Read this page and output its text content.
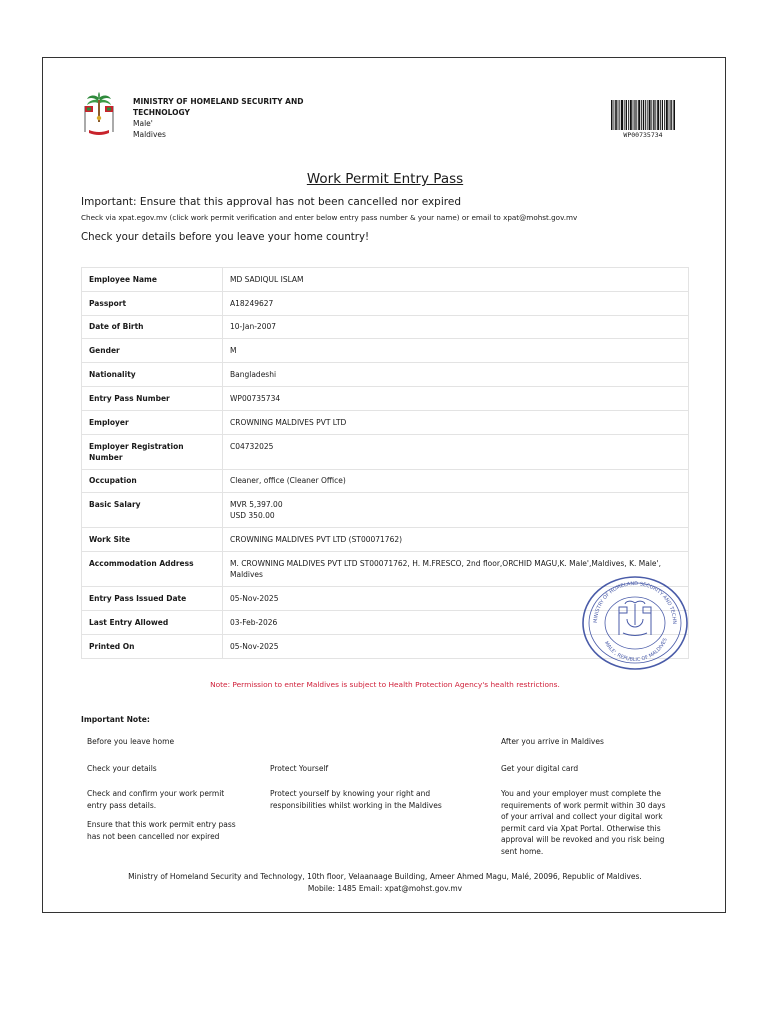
MINISTRY OF HOMELAND SECURITY AND
TECHNOLOGY
Male'
Maldives	WP00735734
Work Permit Entry Pass
Important: Ensure that this approval has not been cancelled nor expired
Check via xpat.egov.mv (click work permit verification and enter below entry pass number & your name) or email to xpat@mohst.gov.mv
Check your details before you leave your home country!
Employee Name	MD SADIQUL ISLAM
Passport	A18249627
Date of Birth	10-Jan-2007
Gender	M
Nationality	Bangladeshi
Entry Pass Number	WP00735734
Employer	CROWNING MALDIVES PVT LTD
Employer Registration Number	C04732025
Occupation	Cleaner, office (Cleaner Office)
Basic Salary	MVR 5,397.00
USD 350.00

Work Site	CROWNING MALDIVES PVT LTD (ST00071762)
Accommodation Address	M. CROWNING MALDIVES PVT LTD ST00071762, H. M.FRESCO, 2nd floor,ORCHID MAGU,K. Male',Maldives, K. Male',
Maldives

Entry Pass Issued Date	05-Nov-2025
Last Entry Allowed	03-Feb-2026
Printed On	05-Nov-2025
MINISTRY OF HOMELAND SECURITY AND TECHN
MALE', REPUBLIC OF MALDIVES
Note: Permission to enter Maldives is subject to Health Protection Agency's health restrictions.
Important Note:
Before you leave home	After you arrive in Maldives
Check your details	Protect Yourself	Get your digital card
Check and confirm your work permit
entry pass details.
Ensure that this work permit entry pass
has not been cancelled nor expired
Protect yourself by knowing your right and
responsibilities whilst working in the Maldives
You and your employer must complete the
requirements of work permit within 30 days
of your arrival and collect your digital work
permit card via Xpat Portal. Otherwise this
approval will be revoked and you risk being
sent home.
Ministry of Homeland Security and Technology, 10th floor, Velaanaage Building, Ameer Ahmed Magu, Malé, 20096, Republic of Maldives.
Mobile: 1485 Email: xpat@mohst.gov.mv
